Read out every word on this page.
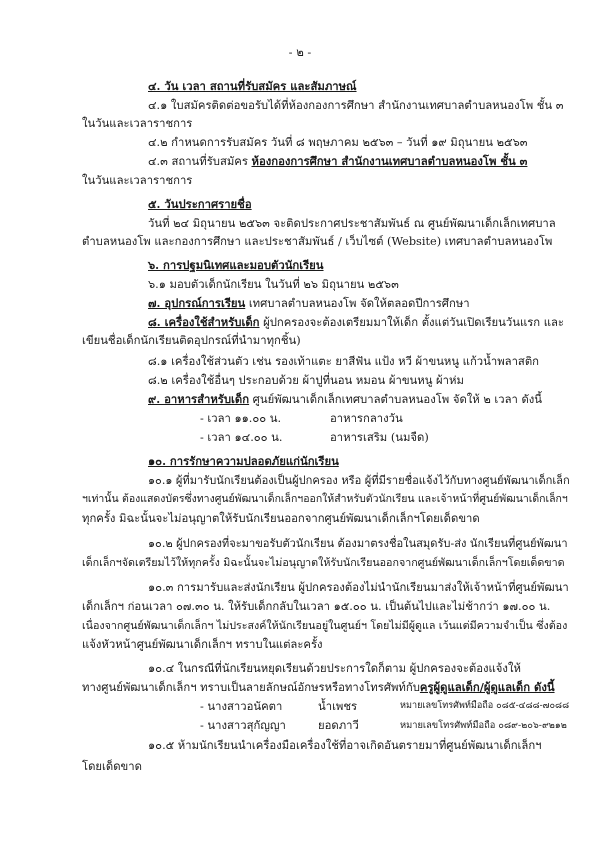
- ๒ -
๔. วัน เวลา สถานที่รับสมัคร และสัมภาษณ์
๔.๑ ใบสมัครติดต่อขอรับได้ที่ห้องกองการศึกษา สำนักงานเทศบาลตำบลหนองโพ ชั้น ๓
ในวันและเวลาราชการ
๔.๒ กำหนดการรับสมัคร วันที่ ๘ พฤษภาคม ๒๕๖๓ – วันที่ ๑๙ มิถุนายน ๒๕๖๓
๔.๓ สถานที่รับสมัคร ห้องกองการศึกษา สำนักงานเทศบาลตำบลหนองโพ ชั้น ๓
ในวันและเวลาราชการ
๕. วันประกาศรายชื่อ
วันที่ ๒๔ มิถุนายน ๒๕๖๓ จะติดประกาศประชาสัมพันธ์ ณ ศูนย์พัฒนาเด็กเล็กเทศบาล
ตำบลหนองโพ และกองการศึกษา และประชาสัมพันธ์ / เว็บไซต์ (Website) เทศบาลตำบลหนองโพ
๖. การปฐมนิเทศและมอบตัวนักเรียน
๖.๑ มอบตัวเด็กนักเรียน ในวันที่ ๒๖ มิถุนายน ๒๕๖๓
๗. อุปกรณ์การเรียน เทศบาลตำบลหนองโพ จัดให้ตลอดปีการศึกษา
๘. เครื่องใช้สำหรับเด็ก ผู้ปกครองจะต้องเตรียมมาให้เด็ก ตั้งแต่วันเปิดเรียนวันแรก และ
เขียนชื่อเด็กนักเรียนติดอุปกรณ์ที่นำมาทุกชิ้น)
๘.๑ เครื่องใช้ส่วนตัว เช่น รองเท้าแตะ ยาสีฟัน แป้ง หวี ผ้าขนหนู แก้วน้ำพลาสติก
๘.๒ เครื่องใช้อื่นๆ ประกอบด้วย ผ้าปูที่นอน หมอน ผ้าขนหนู ผ้าห่ม
๙. อาหารสำหรับเด็ก ศูนย์พัฒนาเด็กเล็กเทศบาลตำบลหนองโพ จัดให้ ๒ เวลา ดังนี้
- เวลา ๑๑.๐๐ น.	อาหารกลางวัน
- เวลา ๑๔.๐๐ น.	อาหารเสริม (นมจืด)
๑๐. การรักษาความปลอดภัยแก่นักเรียน
๑๐.๑ ผู้ที่มารับนักเรียนต้องเป็นผู้ปกครอง หรือ ผู้ที่มีรายชื่อแจ้งไว้กับทางศูนย์พัฒนาเด็กเล็ก
ฯเท่านั้น ต้องแสดงบัตรซึ่งทางศูนย์พัฒนาเด็กเล็กฯออกให้สำหรับตัวนักเรียน และเจ้าหน้าที่ศูนย์พัฒนาเด็กเล็กฯ
ทุกครั้ง มิฉะนั้นจะไม่อนุญาตให้รับนักเรียนออกจากศูนย์พัฒนาเด็กเล็กฯโดยเด็ดขาด
๑๐.๒ ผู้ปกครองที่จะมาขอรับตัวนักเรียน ต้องมาตรงชื่อในสมุดรับ-ส่ง นักเรียนที่ศูนย์พัฒนา
เด็กเล็กฯจัดเตรียมไว้ให้ทุกครั้ง มิฉะนั้นจะไม่อนุญาตให้รับนักเรียนออกจากศูนย์พัฒนาเด็กเล็กฯโดยเด็ดขาด
๑๐.๓ การมารับและส่งนักเรียน ผู้ปกครองต้องไม่นำนักเรียนมาส่งให้เจ้าหน้าที่ศูนย์พัฒนา
เด็กเล็กฯ ก่อนเวลา ๐๗.๓๐ น. ให้รับเด็กกลับในเวลา ๑๕.๐๐ น. เป็นต้นไปและไม่ช้ากว่า ๑๗.๐๐ น.
เนื่องจากศูนย์พัฒนาเด็กเล็กฯ ไม่ประสงค์ให้นักเรียนอยู่ในศูนย์ฯ โดยไม่มีผู้ดูแล เว้นแต่มีความจำเป็น ซึ่งต้อง
แจ้งหัวหน้าศูนย์พัฒนาเด็กเล็กฯ ทราบในแต่ละครั้ง
๑๐.๔ ในกรณีที่นักเรียนหยุดเรียนด้วยประการใดก็ตาม ผู้ปกครองจะต้องแจ้งให้
ทางศูนย์พัฒนาเด็กเล็กฯ ทราบเป็นลายลักษณ์อักษรหรือทางโทรศัพท์กับครูผู้ดูแลเด็ก/ผู้ดูแลเด็ก ดังนี้
- นางสาวอนัคตา	น้ำเพชร	หมายเลขโทรศัพท์มือถือ ๐๘๕-๔๘๘-๗๐๘๘
- นางสาวสุกัญญา	ยอดภาวี	หมายเลขโทรศัพท์มือถือ ๐๘๙-๒๐๖-๙๒๑๒
๑๐.๕ ห้ามนักเรียนนำเครื่องมือเครื่องใช้ที่อาจเกิดอันตรายมาที่ศูนย์พัฒนาเด็กเล็กฯ
โดยเด็ดขาด
